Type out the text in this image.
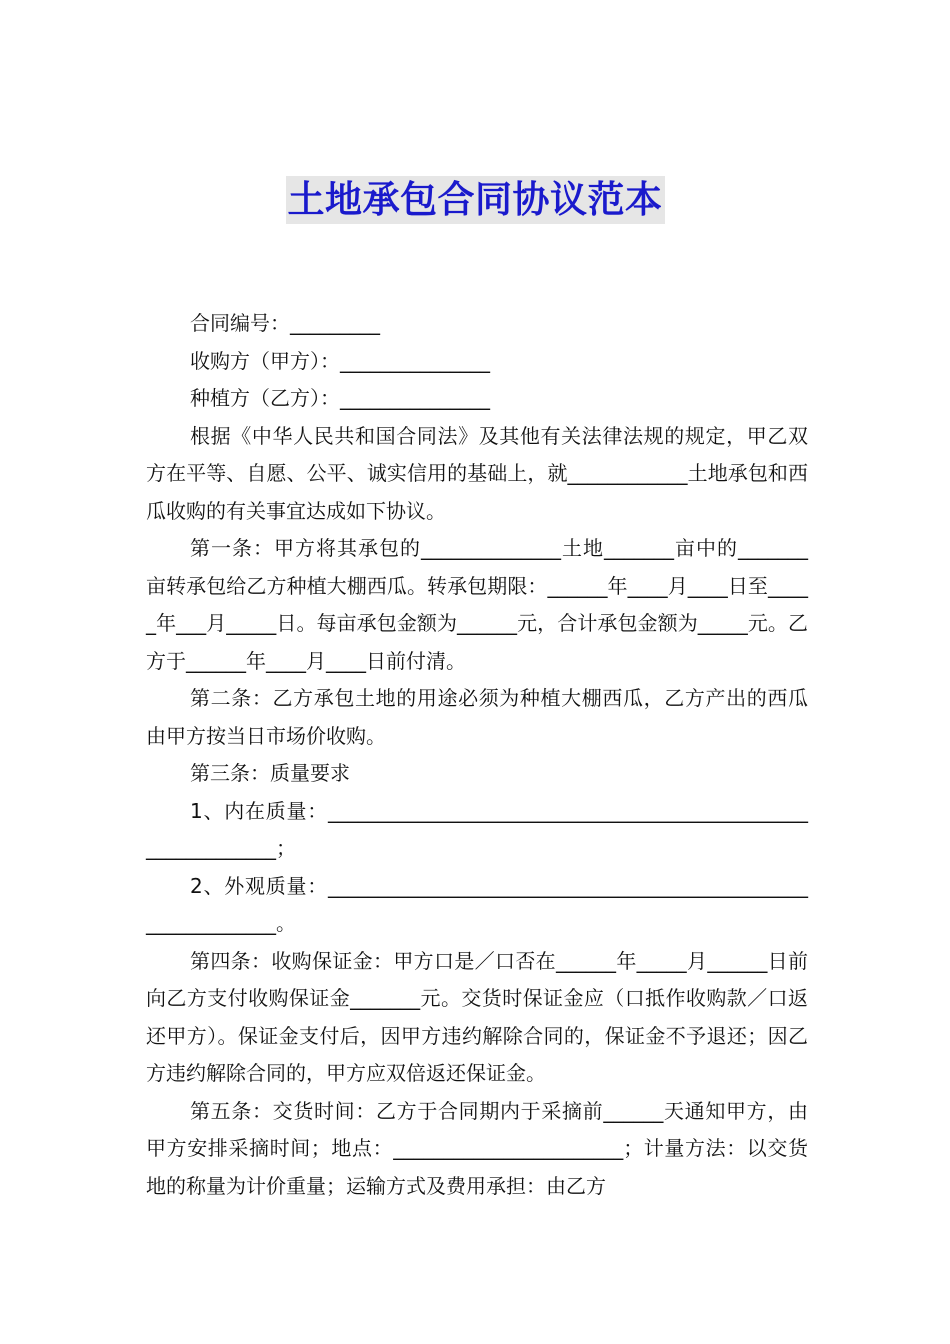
土地承包合同协议范本

合同编号：_________

收购方（甲方）：_______________

种植方（乙方）：_______________

根据《中华人民共和国合同法》及其他有关法律法规的规定，甲乙双方在平等、自愿、公平、诚实信用的基础上，就____________土地承包和西瓜收购的有关事宜达成如下协议。

第一条：甲方将其承包的______________土地_______亩中的_______亩转承包给乙方种植大棚西瓜。转承包期限：______年____月____日至_____年___月_____日。每亩承包金额为______元，合计承包金额为_____元。乙方于______年____月____日前付清。

第二条：乙方承包土地的用途必须为种植大棚西瓜，乙方产出的西瓜由甲方按当日市场价收购。

第三条：质量要求

1、内在质量：_____________________________________________________________；

2、外观质量：_____________________________________________________________。

第四条：收购保证金：甲方口是／口否在______年_____月______日前向乙方支付收购保证金_______元。交货时保证金应（口抵作收购款／口返还甲方）。保证金支付后，因甲方违约解除合同的，保证金不予退还；因乙方违约解除合同的，甲方应双倍返还保证金。

第五条：交货时间：乙方于合同期内于采摘前______天通知甲方，由甲方安排采摘时间；地点：_______________________；计量方法：以交货地的称量为计价重量；运输方式及费用承担：由乙方
